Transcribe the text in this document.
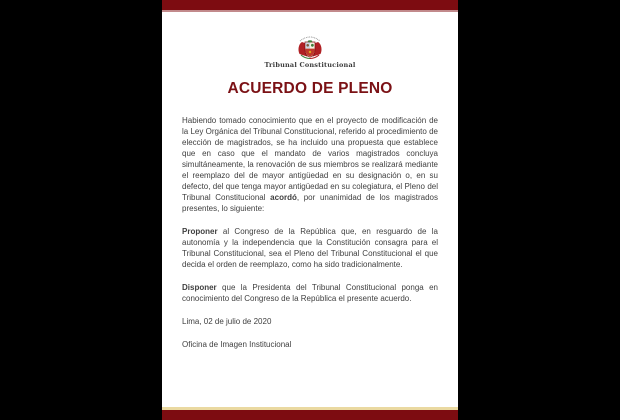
Tribunal Constitucional
ACUERDO DE PLENO

Habiendo tomado conocimiento que en el proyecto de modificación de la Ley Orgánica del Tribunal Constitucional, referido al procedimiento de elección de magistrados, se ha incluido una propuesta que establece que en caso que el mandato de varios magistrados concluya simultáneamente, la renovación de sus miembros se realizará mediante el reemplazo del de mayor antigüedad en su designación o, en su defecto, del que tenga mayor antigüedad en su colegiatura, el Pleno del Tribunal Constitucional acordó, por unanimidad de los magistrados presentes, lo siguiente:

Proponer al Congreso de la República que, en resguardo de la autonomía y la independencia que la Constitución consagra para el Tribunal Constitucional, sea el Pleno del Tribunal Constitucional el que decida el orden de reemplazo, como ha sido tradicionalmente.

Disponer que la Presidenta del Tribunal Constitucional ponga en conocimiento del Congreso de la República el presente acuerdo.

Lima, 02 de julio de 2020

Oficina de Imagen Institucional
